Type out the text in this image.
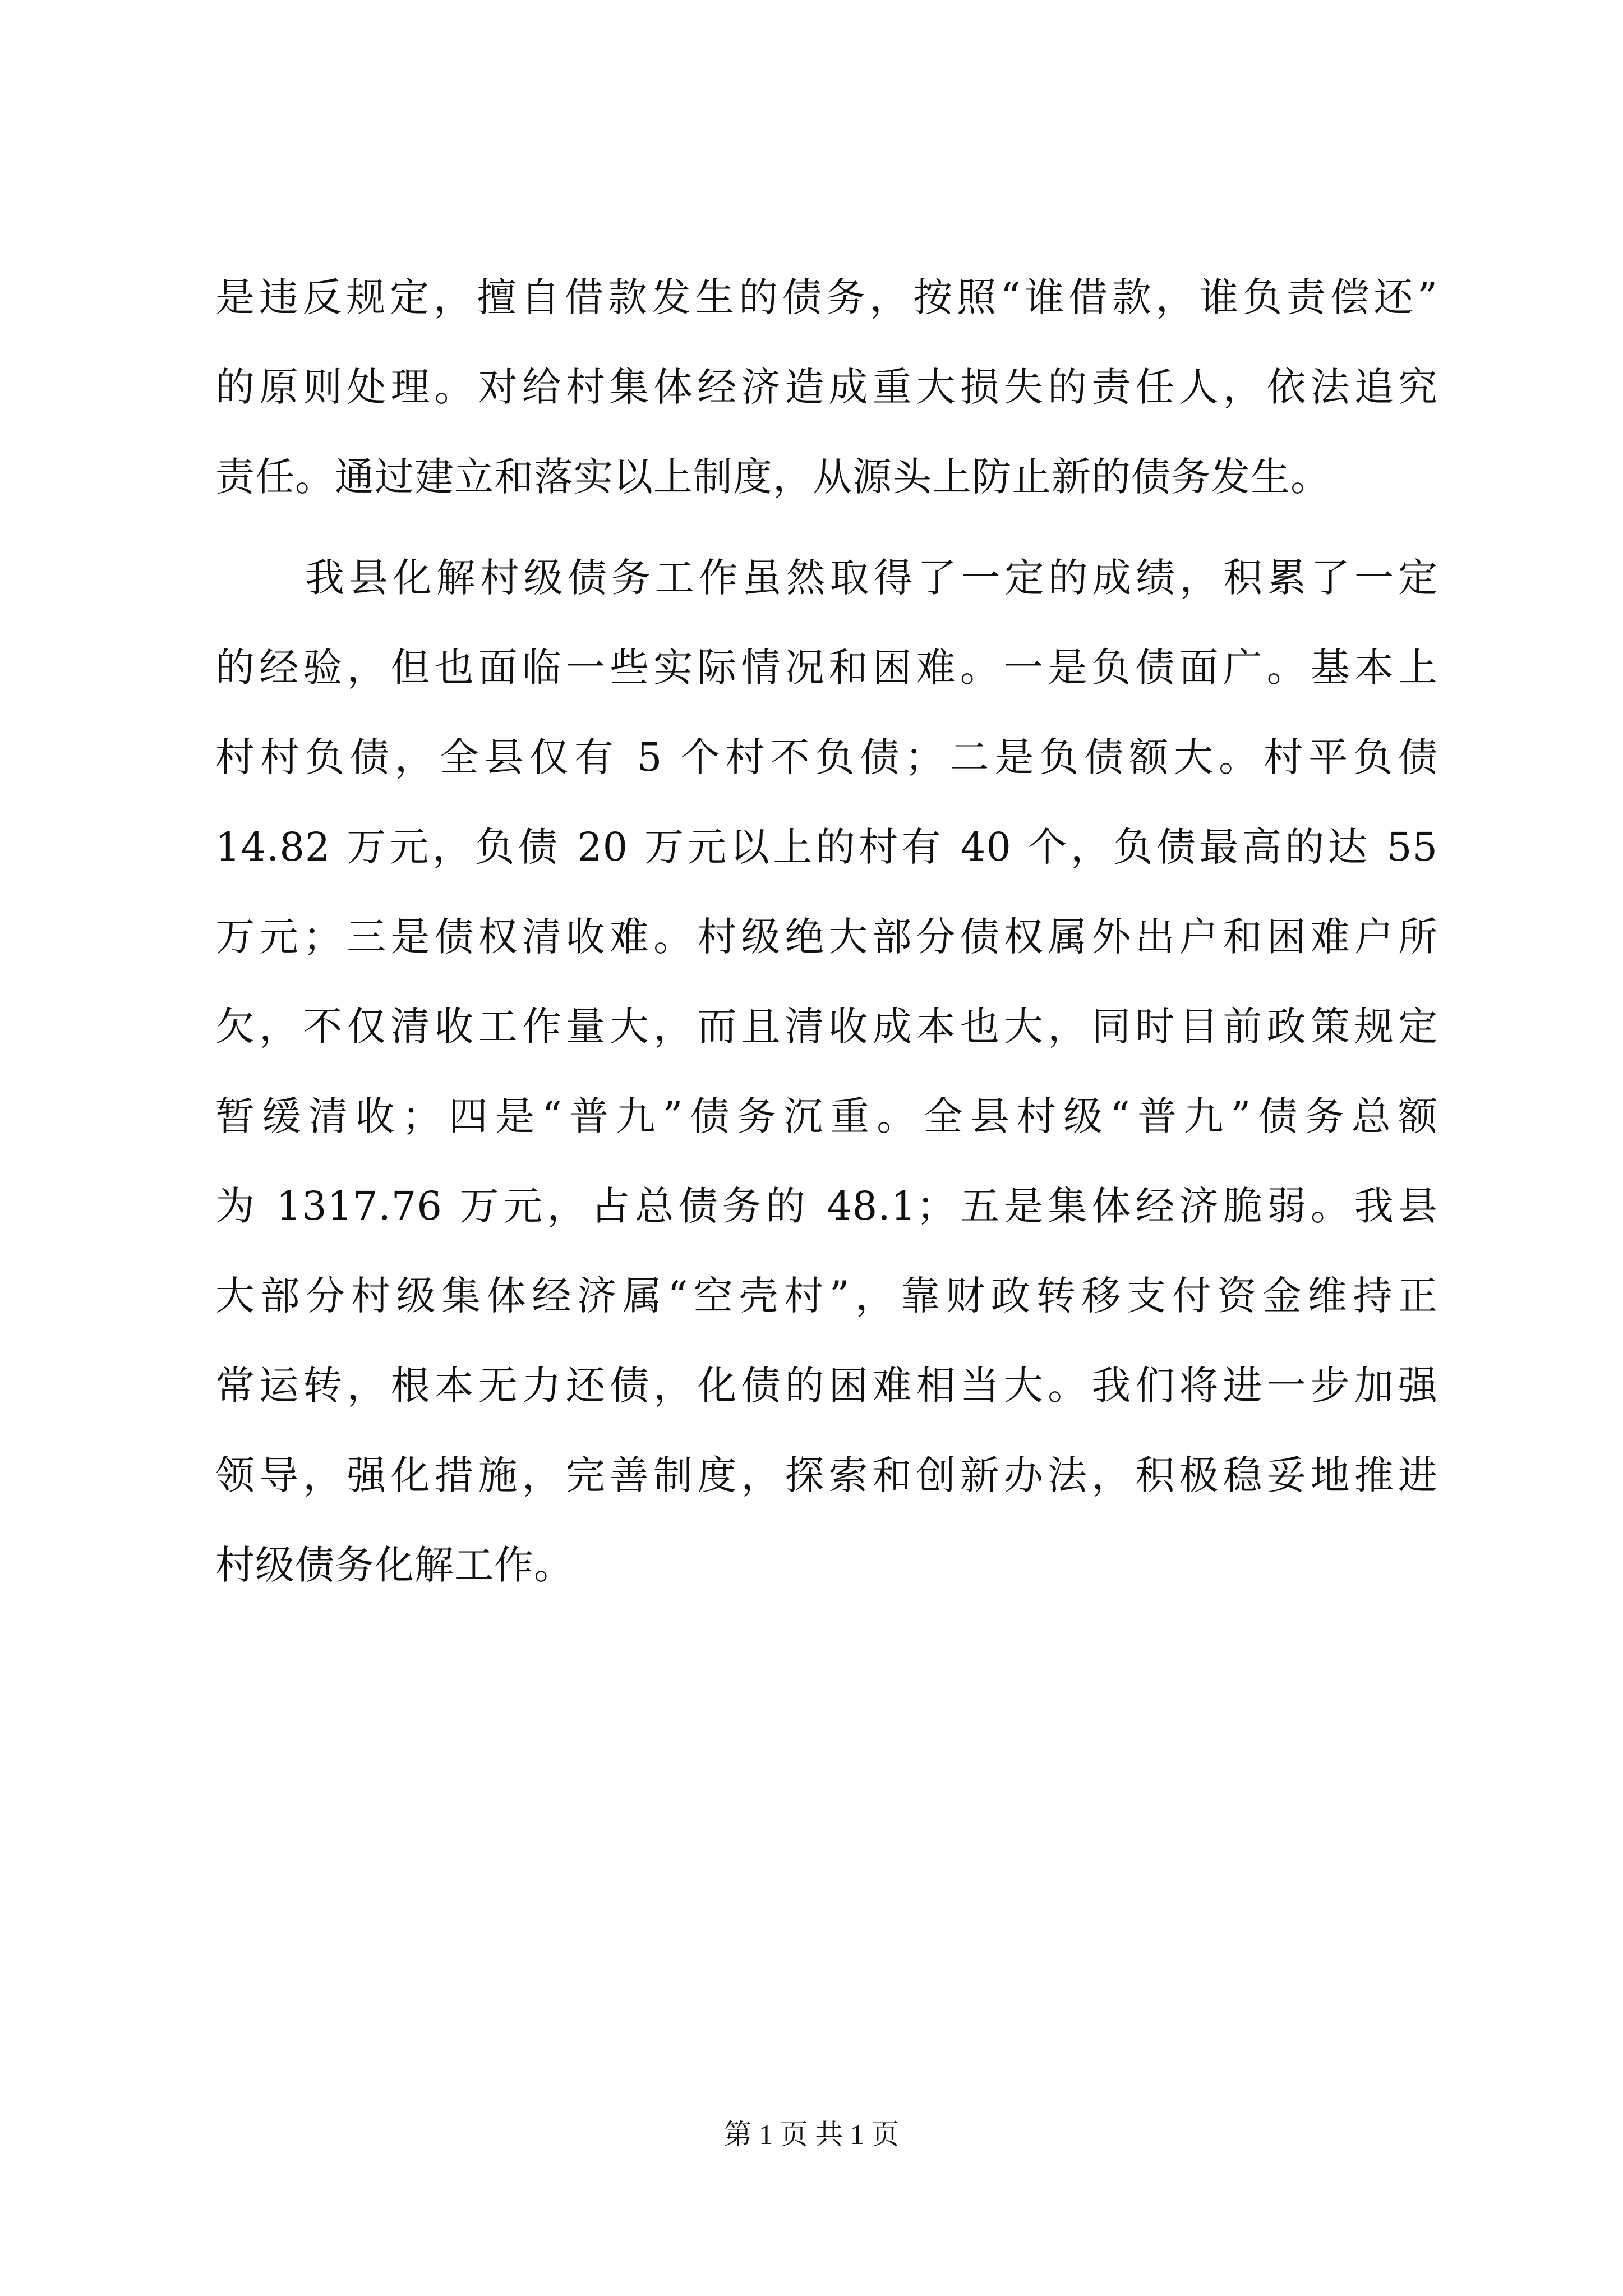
是违反规定，擅自借款发生的债务，按照“谁借款，谁负责偿还”
的原则处理。对给村集体经济造成重大损失的责任人，依法追究
责任。通过建立和落实以上制度，从源头上防止新的债务发生。
我县化解村级债务工作虽然取得了一定的成绩，积累了一定
的经验，但也面临一些实际情况和困难。一是负债面广。基本上
村村负债，全县仅有 5 个村不负债；二是负债额大。村平负债
14.82 万元，负债 20 万元以上的村有 40 个，负债最高的达 55
万元；三是债权清收难。村级绝大部分债权属外出户和困难户所
欠，不仅清收工作量大，而且清收成本也大，同时目前政策规定
暂缓清收；四是“普九”债务沉重。全县村级“普九”债务总额
为 1317.76 万元，占总债务的 48.1；五是集体经济脆弱。我县
大部分村级集体经济属“空壳村”，靠财政转移支付资金维持正
常运转，根本无力还债，化债的困难相当大。我们将进一步加强
领导，强化措施，完善制度，探索和创新办法，积极稳妥地推进
村级债务化解工作。
第 1 页 共 1 页
